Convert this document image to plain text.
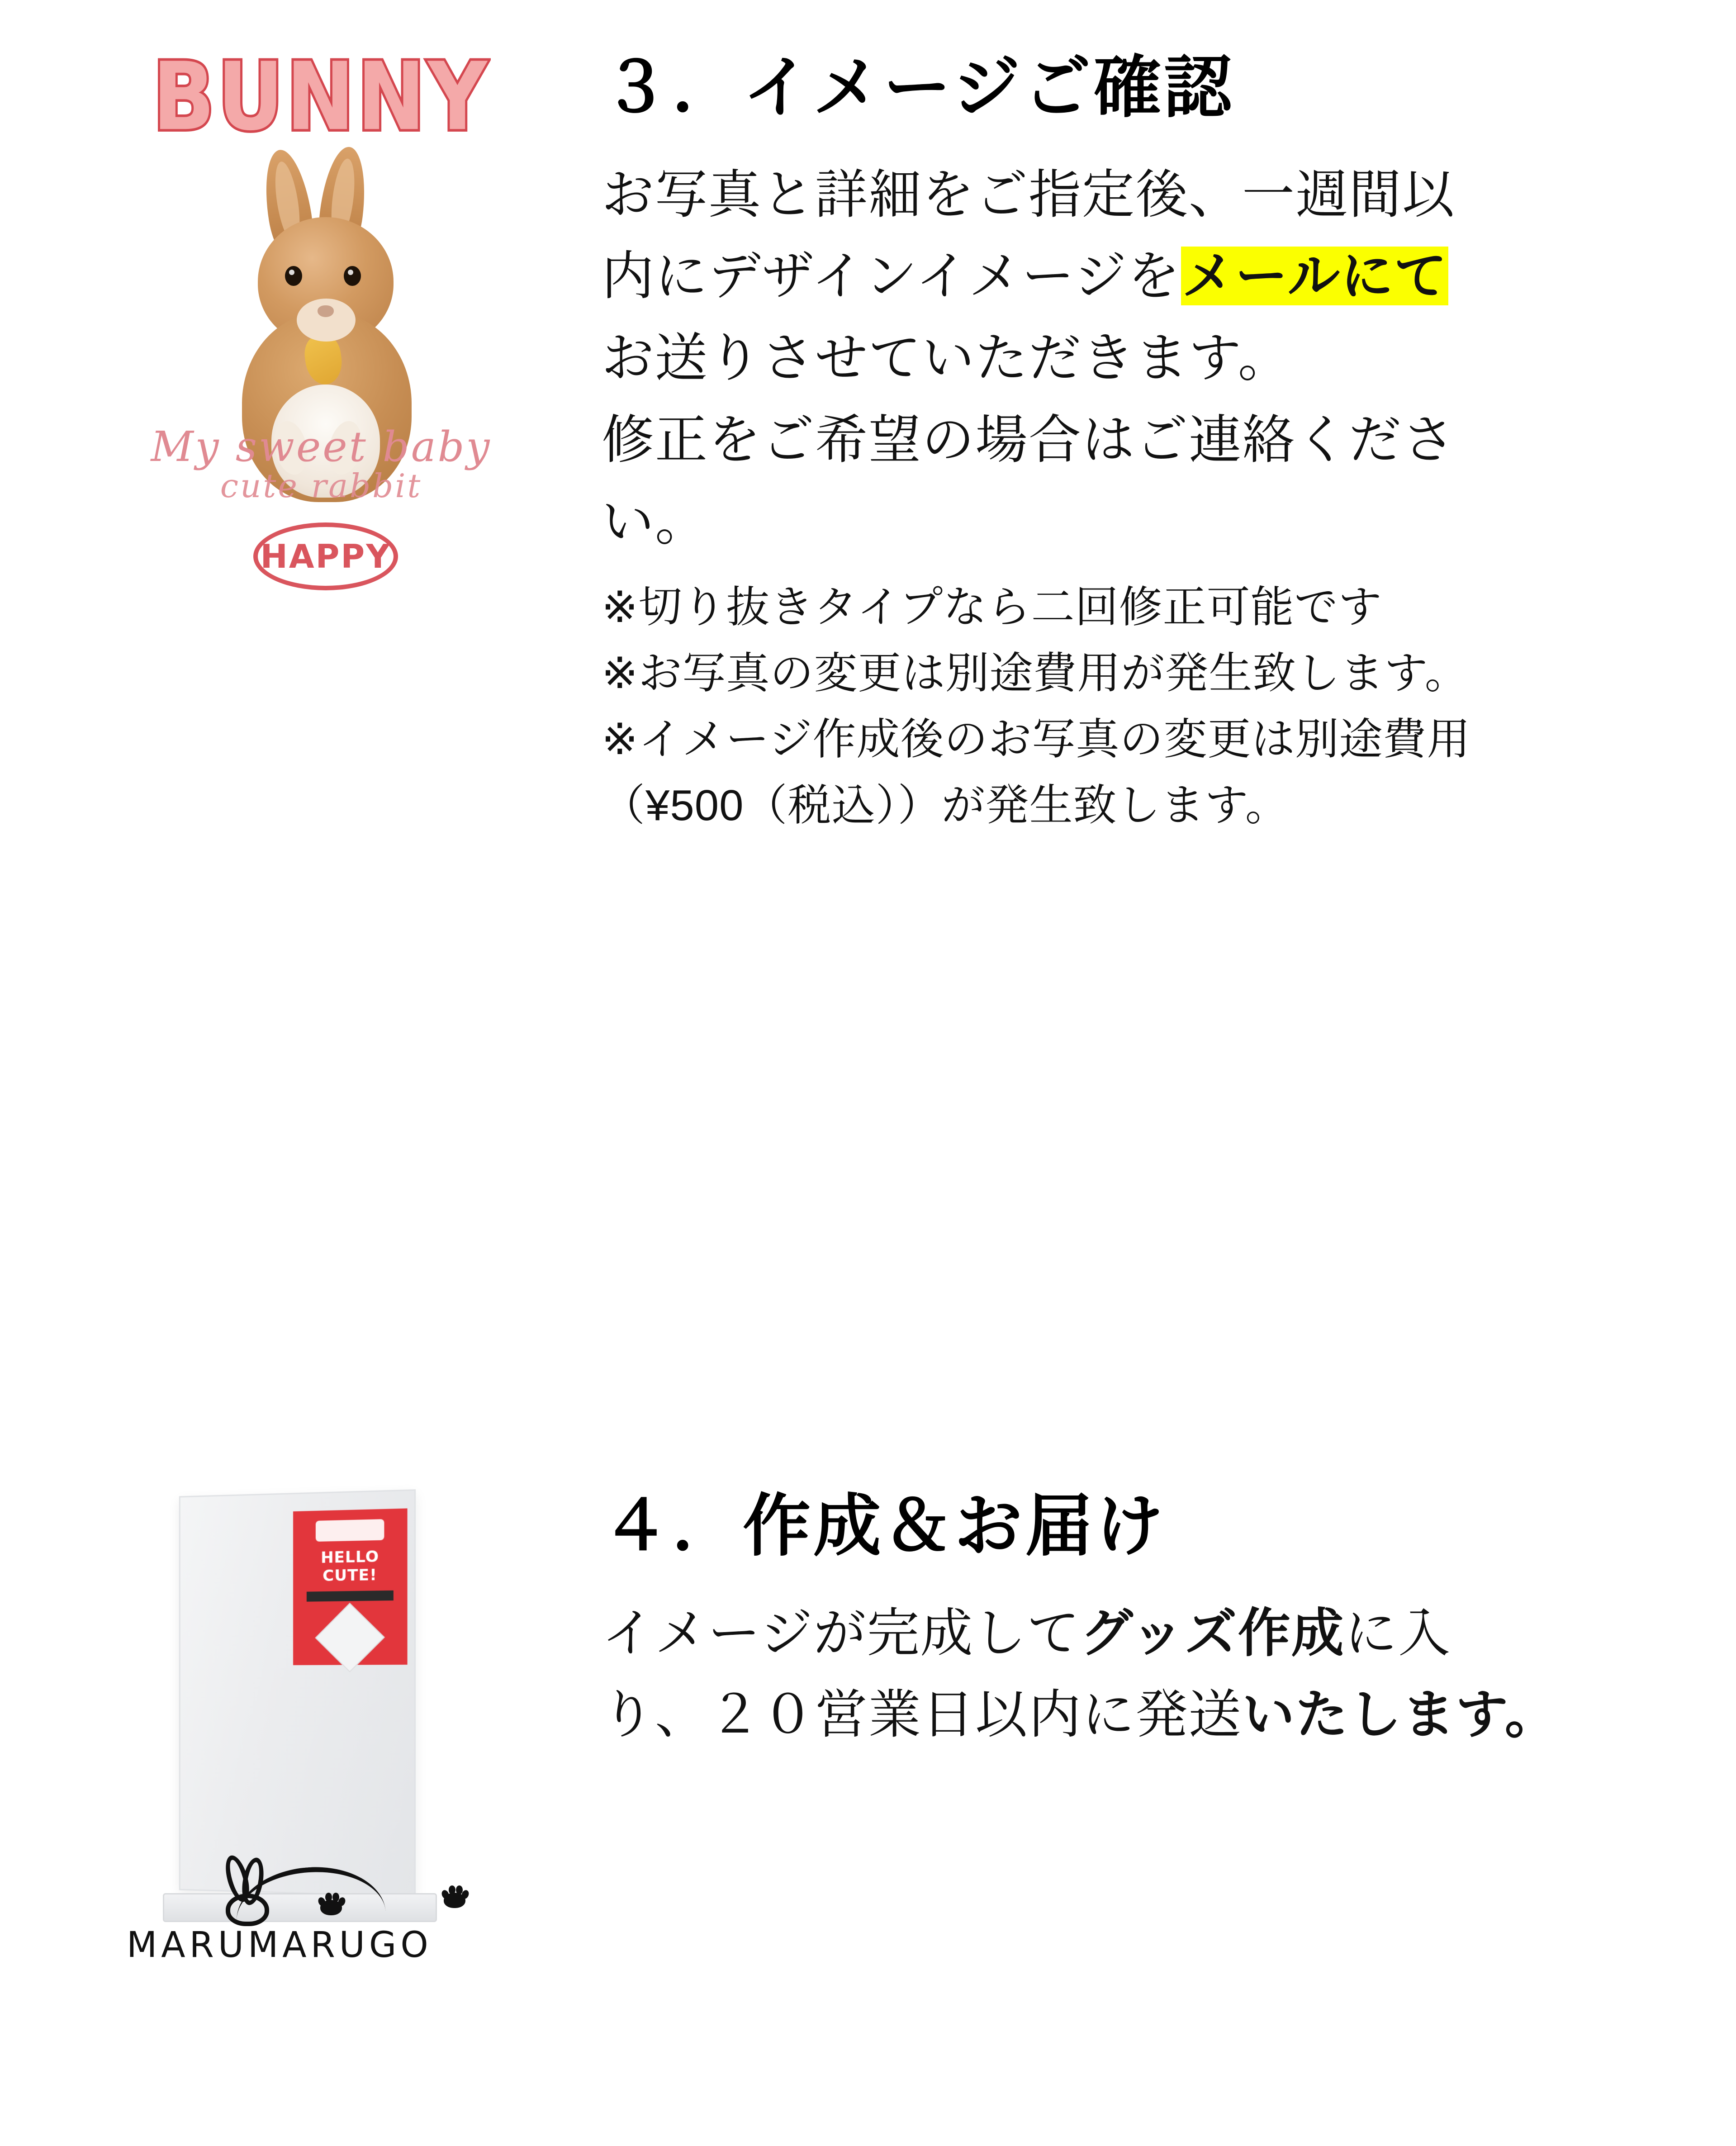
BUNNY
My sweet baby
cute rabbit
HAPPY
３．イメージご確認

お写真と詳細をご指定後、一週間以

内にデザインイメージをメールにて

お送りさせていただきます。

修正をご希望の場合はご連絡くださ

い。

※切り抜きタイプなら二回修正可能です

※お写真の変更は別途費用が発生致します。

※イメージ作成後のお写真の変更は別途費用

（¥500（税込））が発生致します。

HELLO CUTE!
MARUMARUGO
４．作成＆お届け

イメージが完成してグッズ作成に入

り、２０営業日以内に発送いたします。
